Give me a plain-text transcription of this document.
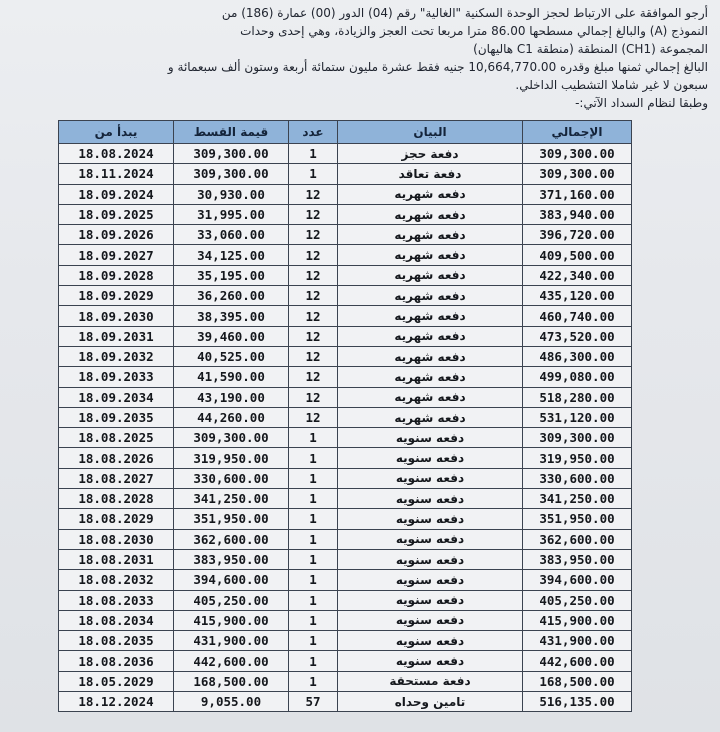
أرجو الموافقة على الارتباط لحجز الوحدة السكنية "الغالية" رقم (04) الدور (00) عمارة (186) من

النموذج (A) والبالغ إجمالي مسطحها 86.00 مترا مربعا تحت العجز والزيادة، وهي إحدى وحدات

المجموعة (CH1) المنطقة (منطقة C1 هاليهان)

البالغ إجمالي ثمنها مبلغ وقدره 10,664,770.00 جنيه فقط عشرة مليون ستمائة أربعة وستون ألف سبعمائة و

سبعون لا غير شاملا التشطيب الداخلي.

وطبقا لنظام السداد الآتي:-

يبدأ من	قيمة القسط	عدد	البيان	الإجمالي
18.08.2024	309,300.00	1	دفعة حجز	309,300.00
18.11.2024	309,300.00	1	دفعة تعاقد	309,300.00
18.09.2024	30,930.00	12	دفعه شهريه	371,160.00
18.09.2025	31,995.00	12	دفعه شهريه	383,940.00
18.09.2026	33,060.00	12	دفعه شهريه	396,720.00
18.09.2027	34,125.00	12	دفعه شهريه	409,500.00
18.09.2028	35,195.00	12	دفعه شهريه	422,340.00
18.09.2029	36,260.00	12	دفعه شهريه	435,120.00
18.09.2030	38,395.00	12	دفعه شهريه	460,740.00
18.09.2031	39,460.00	12	دفعه شهريه	473,520.00
18.09.2032	40,525.00	12	دفعه شهريه	486,300.00
18.09.2033	41,590.00	12	دفعه شهريه	499,080.00
18.09.2034	43,190.00	12	دفعه شهريه	518,280.00
18.09.2035	44,260.00	12	دفعه شهريه	531,120.00
18.08.2025	309,300.00	1	دفعه سنويه	309,300.00
18.08.2026	319,950.00	1	دفعه سنويه	319,950.00
18.08.2027	330,600.00	1	دفعه سنويه	330,600.00
18.08.2028	341,250.00	1	دفعه سنويه	341,250.00
18.08.2029	351,950.00	1	دفعه سنويه	351,950.00
18.08.2030	362,600.00	1	دفعه سنويه	362,600.00
18.08.2031	383,950.00	1	دفعه سنويه	383,950.00
18.08.2032	394,600.00	1	دفعه سنويه	394,600.00
18.08.2033	405,250.00	1	دفعه سنويه	405,250.00
18.08.2034	415,900.00	1	دفعه سنويه	415,900.00
18.08.2035	431,900.00	1	دفعه سنويه	431,900.00
18.08.2036	442,600.00	1	دفعه سنويه	442,600.00
18.05.2029	168,500.00	1	دفعة مستحقة	168,500.00
18.12.2024	9,055.00	57	تامين وحداه	516,135.00
